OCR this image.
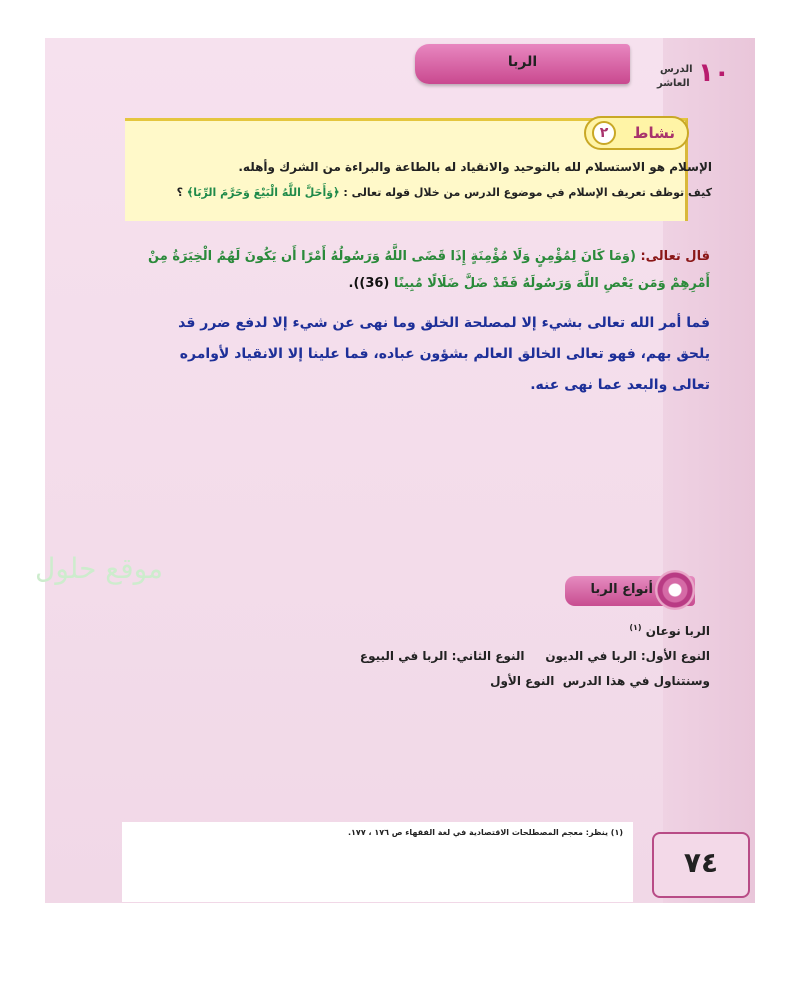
الربا	١٠
الدرس
العاشر
نشاط
٢
الإسلام هو الاستسلام لله بالتوحيد والانقياد له بالطاعة والبراءة من الشرك وأهله.
كيف توظف تعريف الإسلام في موضوع الدرس من خلال قوله تعالى : ﴿وَأَحَلَّ اللَّهُ الْبَيْعَ وَحَرَّمَ الرِّبَا﴾ ؟
قال تعالى: (وَمَا كَانَ لِمُؤْمِنٍ وَلَا مُؤْمِنَةٍ إِذَا قَضَى اللَّهُ وَرَسُولُهُ أَمْرًا أَن يَكُونَ لَهُمُ الْخِيَرَةُ مِنْ أَمْرِهِمْ وَمَن يَعْصِ اللَّهَ وَرَسُولَهُ فَقَدْ ضَلَّ ضَلَالًا مُبِينًا (36)).
فما أمر الله تعالى بشيء إلا لمصلحة الخلق وما نهى عن شيء إلا لدفع ضرر قد يلحق بهم، فهو تعالى الخالق العالم بشؤون عباده، فما علينا إلا الانقياد لأوامره تعالى والبعد عما نهى عنه.
موقع حلول
أنواع الربا
الربا نوعان $^{(١)}$
النوع الأول: الربا في الديون     النوع الثاني: الربا في البيوع
وسنتناول في هذا الدرس  النوع الأول
(١) ينظر: معجم المصطلحات الاقتصادية في لغة الفقهاء ص ١٧٦ ، ١٧٧.
٧٤
